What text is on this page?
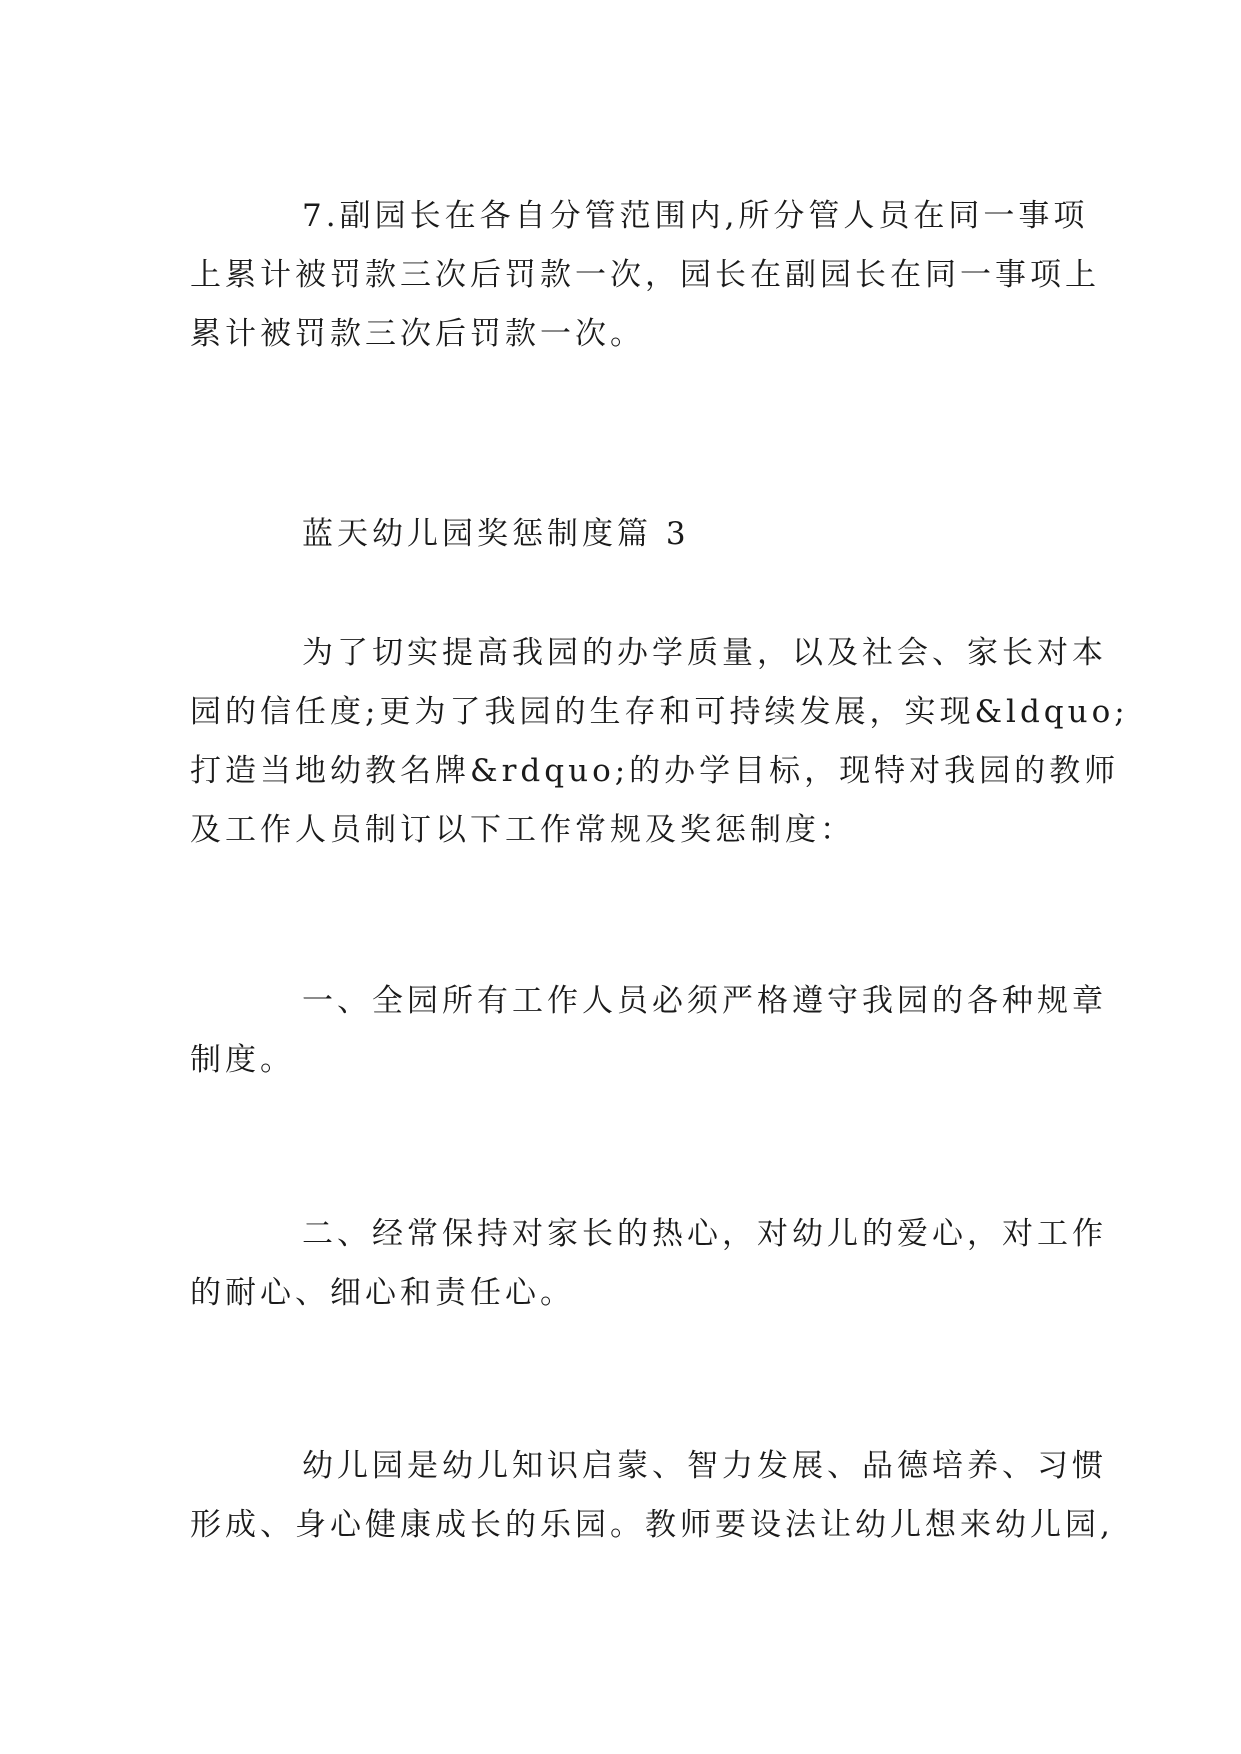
7.副园长在各自分管范围内,所分管人员在同一事项
上累计被罚款三次后罚款一次，园长在副园长在同一事项上
累计被罚款三次后罚款一次。
蓝天幼儿园奖惩制度篇 3
为了切实提高我园的办学质量，以及社会、家长对本
园的信任度;更为了我园的生存和可持续发展，实现&ldquo;
打造当地幼教名牌&rdquo;的办学目标，现特对我园的教师
及工作人员制订以下工作常规及奖惩制度：
一、全园所有工作人员必须严格遵守我园的各种规章
制度。
二、经常保持对家长的热心，对幼儿的爱心，对工作
的耐心、细心和责任心。
幼儿园是幼儿知识启蒙、智力发展、品德培养、习惯
形成、身心健康成长的乐园。教师要设法让幼儿想来幼儿园,
